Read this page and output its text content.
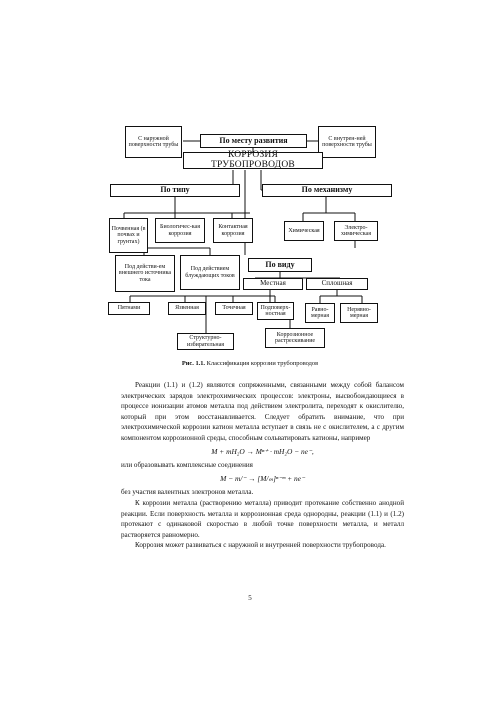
С наружной поверхности трубы
По месту развития	С внутрен-ней поверхности трубы
КОРРОЗИЯ ТРУБОПРОВОДОВ
По типу	По механизму
Почвенная (в почвах и грунтах)
Биологичес-кая коррозия
Контактная коррозия	Химическая
Электро-химическая
Под действи-ем внешнего источника тока
Под действием блуждающих токов
По виду
Местная	Сплошная
Пятнами	Язвенная	Точечная	Подповерх-ностная
Равно-мерная
Нерявно-мерная
Структурно-избирательная
Коррозионное растрескивание
Рис. 1.1. Классификация коррозии трубопроводов

Реакции (1.1) и (1.2) являются сопряженными, связанными между собой балансом электрических зарядов электрохимических процессов: электроны, высвобождающиеся в процессе ионизации атомов металла под действием электролита, переходят к окислителю, который при этом восстанавливается. Следует обратить внимание, что при электрохимической коррозии катион металла вступает в связь не с окислителем, а с другим компонентом коррозионной среды, способным сольватировать катионы, например

M + mH₂O → Mⁿ⁺ · mH₂O − ne⁻,

или образовывать комплексные соединения

M − m/⁻ → [M/ₘ]ⁿ⁻ᵐ + ne⁻

без участия валентных электронов металла.

К коррозии металла (растворению металла) приводит протекание собственно анодной реакции. Если поверхность металла и коррозионная среда однородны, реакции (1.1) и (1.2) протекают с одинаковой скоростью в любой точке поверхности металла, и металл растворяется равномерно.

Коррозия может развиваться с наружной и внутренней поверхности трубопровода.

5
